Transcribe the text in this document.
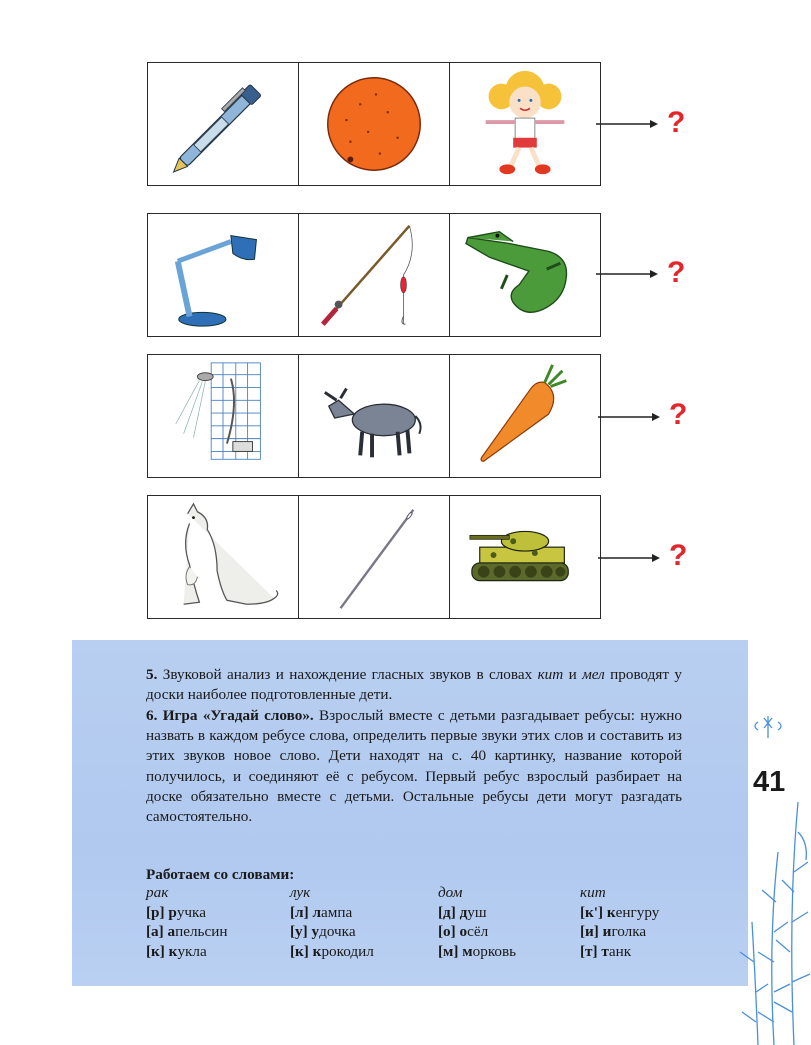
?
?
?
?
5. Звуковой анализ и нахождение гласных звуков в словах кит и мел проводят у доски наиболее подготовленные дети.
6. Игра «Угадай слово». Взрослый вместе с детьми разгадывает ребусы: нужно назвать в каждом ребусе слова, определить первые звуки этих слов и составить из этих звуков новое слово. Дети находят на с. 40 картинку, название которой получилось, и соединяют её с ребусом. Первый ребус взрослый разбирает на доске обязательно вместе с детьми. Остальные ребусы дети могут разгадать самостоятельно.
Работаем со словами:
рак
[р] ручка
[а] апельсин
[к] кукла
лук
[л] лампа
[у] удочка
[к] крокодил
дом
[д] душ
[о] осёл
[м] морковь
кит
[к'] кенгуру
[и] иголка
[т] танк
41
